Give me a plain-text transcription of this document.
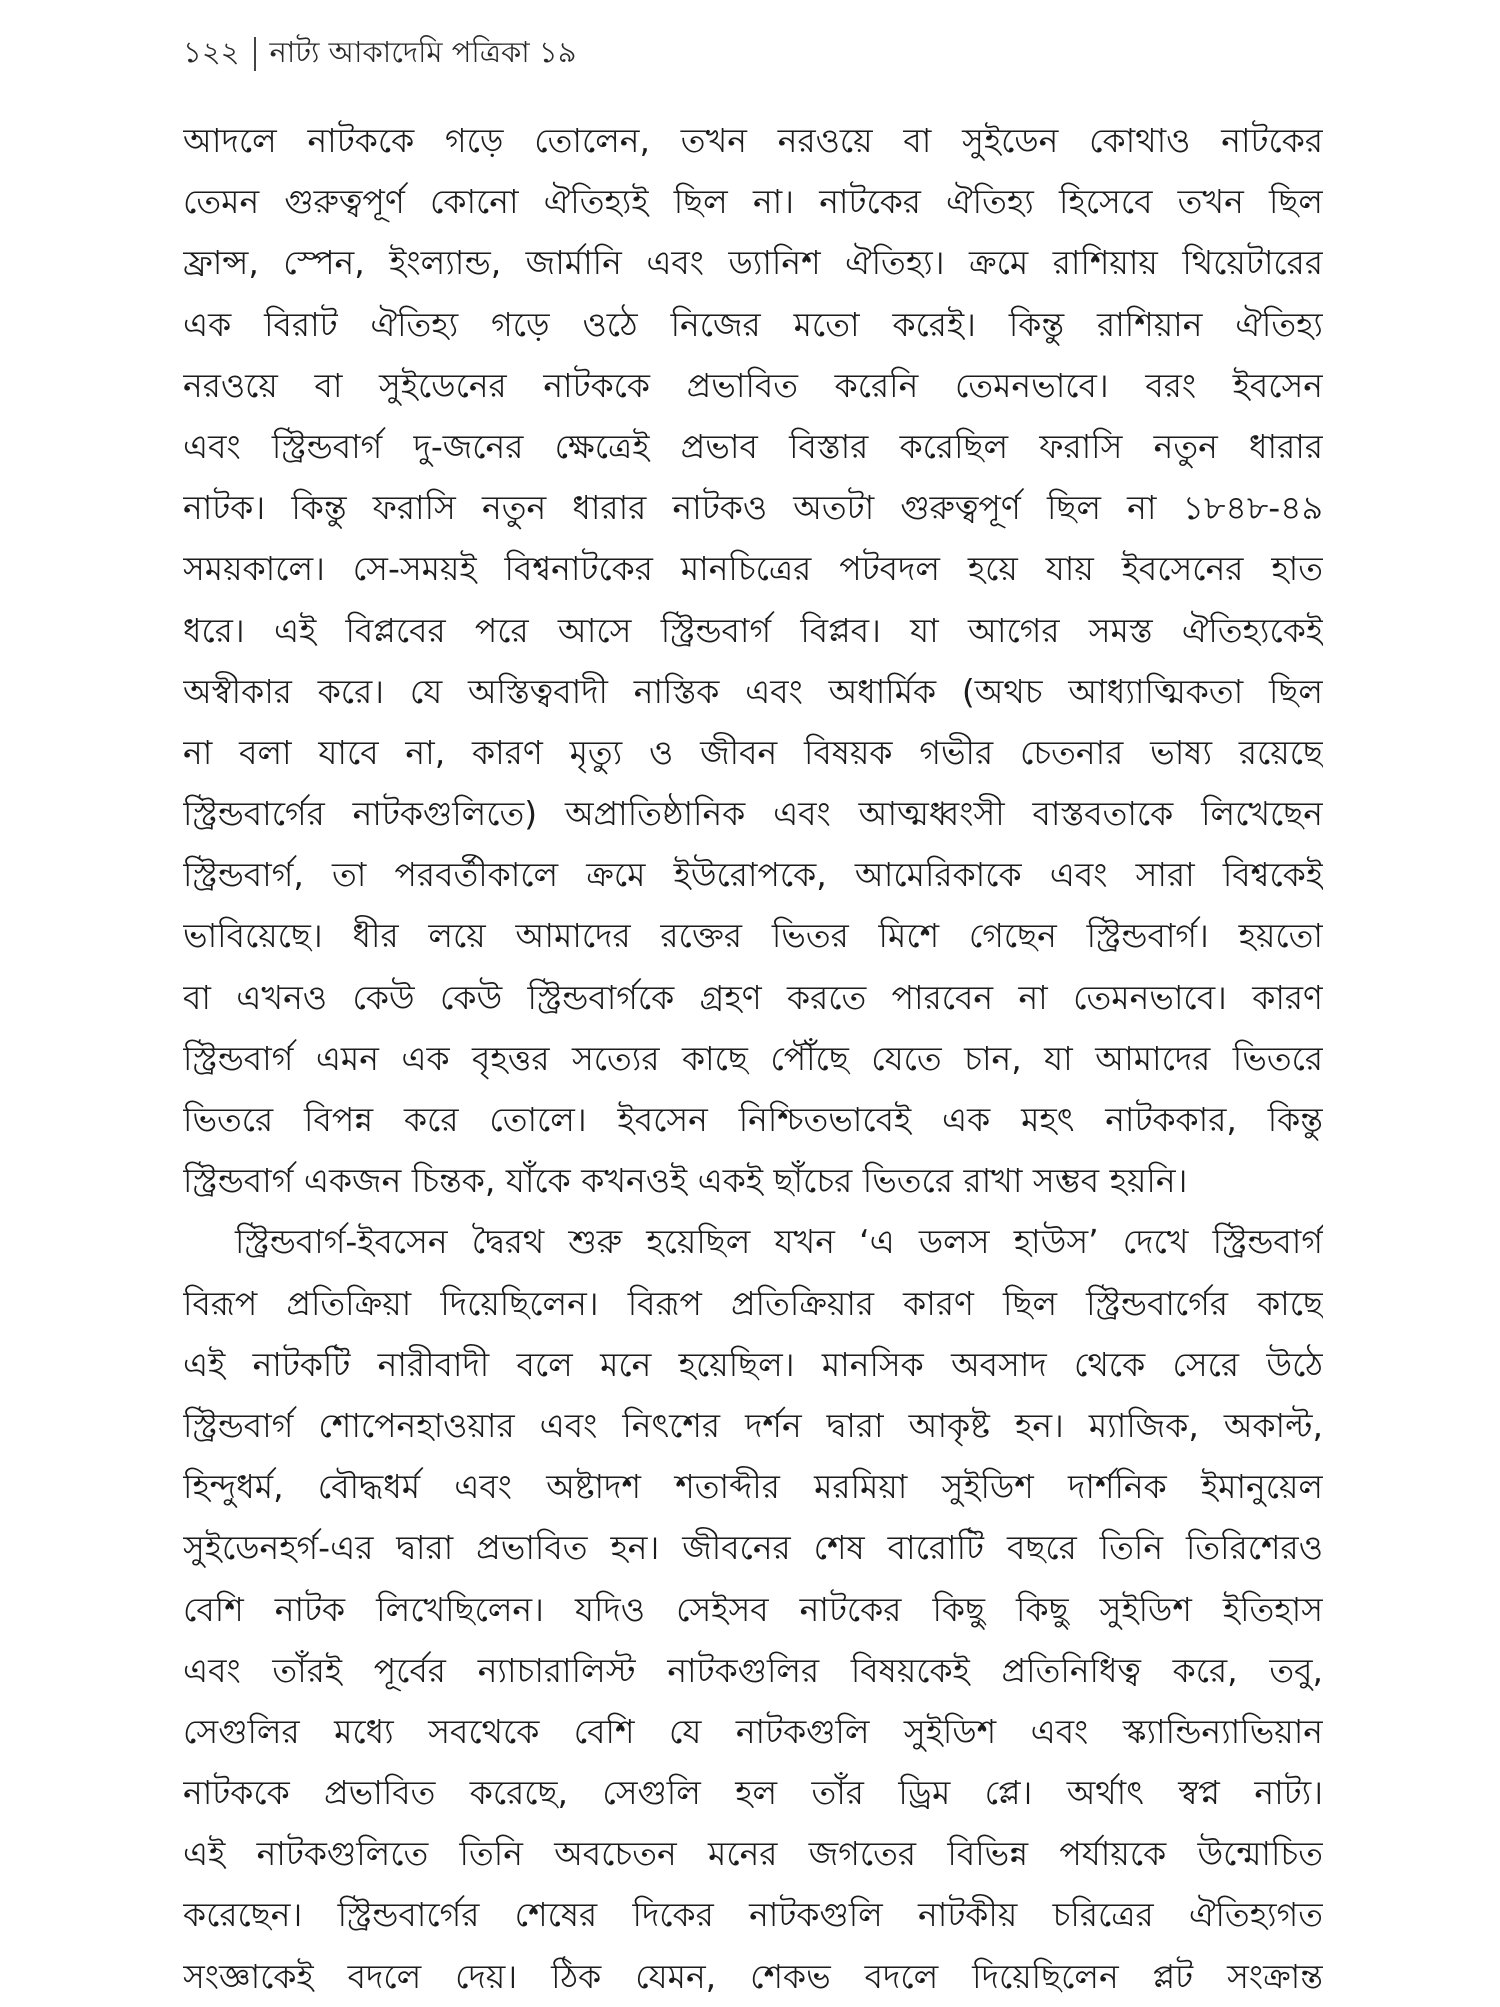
১২২ নাট্য আকাদেমি পত্রিকা ১৯
আদলে নাটককে গড়ে তোলেন, তখন নরওয়ে বা সুইডেন কোথাও নাটকের
তেমন গুরুত্বপূর্ণ কোনো ঐতিহ্যই ছিল না। নাটকের ঐতিহ্য হিসেবে তখন ছিল
ফ্রান্স, স্পেন, ইংল্যান্ড, জার্মানি এবং ড্যানিশ ঐতিহ্য। ক্রমে রাশিয়ায় থিয়েটারের
এক বিরাট ঐতিহ্য গড়ে ওঠে নিজের মতো করেই। কিন্তু রাশিয়ান ঐতিহ্য
নরওয়ে বা সুইডেনের নাটককে প্রভাবিত করেনি তেমনভাবে। বরং ইবসেন
এবং স্ট্রিন্ডবার্গ দু-জনের ক্ষেত্রেই প্রভাব বিস্তার করেছিল ফরাসি নতুন ধারার
নাটক। কিন্তু ফরাসি নতুন ধারার নাটকও অতটা গুরুত্বপূর্ণ ছিল না ১৮৪৮-৪৯
সময়কালে। সে-সময়ই বিশ্বনাটকের মানচিত্রের পটবদল হয়ে যায় ইবসেনের হাত
ধরে। এই বিপ্লবের পরে আসে স্ট্রিন্ডবার্গ বিপ্লব। যা আগের সমস্ত ঐতিহ্যকেই
অস্বীকার করে। যে অস্তিত্ববাদী নাস্তিক এবং অধার্মিক (অথচ আধ্যাত্মিকতা ছিল
না বলা যাবে না, কারণ মৃত্যু ও জীবন বিষয়ক গভীর চেতনার ভাষ্য রয়েছে
স্ট্রিন্ডবার্গের নাটকগুলিতে) অপ্রাতিষ্ঠানিক এবং আত্মধ্বংসী বাস্তবতাকে লিখেছেন
স্ট্রিন্ডবার্গ, তা পরবর্তীকালে ক্রমে ইউরোপকে, আমেরিকাকে এবং সারা বিশ্বকেই
ভাবিয়েছে। ধীর লয়ে আমাদের রক্তের ভিতর মিশে গেছেন স্ট্রিন্ডবার্গ। হয়তো
বা এখনও কেউ কেউ স্ট্রিন্ডবার্গকে গ্রহণ করতে পারবেন না তেমনভাবে। কারণ
স্ট্রিন্ডবার্গ এমন এক বৃহত্তর সত্যের কাছে পৌঁছে যেতে চান, যা আমাদের ভিতরে
ভিতরে বিপন্ন করে তোলে। ইবসেন নিশ্চিতভাবেই এক মহৎ নাটককার, কিন্তু
স্ট্রিন্ডবার্গ একজন চিন্তক, যাঁকে কখনওই একই ছাঁচের ভিতরে রাখা সম্ভব হয়নি।
স্ট্রিন্ডবার্গ-ইবসেন দ্বৈরথ শুরু হয়েছিল যখন ‘এ ডলস হাউস’ দেখে স্ট্রিন্ডবার্গ
বিরূপ প্রতিক্রিয়া দিয়েছিলেন। বিরূপ প্রতিক্রিয়ার কারণ ছিল স্ট্রিন্ডবার্গের কাছে
এই নাটকটি নারীবাদী বলে মনে হয়েছিল। মানসিক অবসাদ থেকে সেরে উঠে
স্ট্রিন্ডবার্গ শোপেনহাওয়ার এবং নিৎশের দর্শন দ্বারা আকৃষ্ট হন। ম্যাজিক, অকাল্ট,
হিন্দুধর্ম, বৌদ্ধধর্ম এবং অষ্টাদশ শতাব্দীর মরমিয়া সুইডিশ দার্শনিক ইমানুয়েল
সুইডেনহর্গ-এর দ্বারা প্রভাবিত হন। জীবনের শেষ বারোটি বছরে তিনি তিরিশেরও
বেশি নাটক লিখেছিলেন। যদিও সেইসব নাটকের কিছু কিছু সুইডিশ ইতিহাস
এবং তাঁরই পূর্বের ন্যাচারালিস্ট নাটকগুলির বিষয়কেই প্রতিনিধিত্ব করে, তবু,
সেগুলির মধ্যে সবথেকে বেশি যে নাটকগুলি সুইডিশ এবং স্ক্যান্ডিন্যাভিয়ান
নাটককে প্রভাবিত করেছে, সেগুলি হল তাঁর ড্রিম প্লে। অর্থাৎ স্বপ্ন নাট্য।
এই নাটকগুলিতে তিনি অবচেতন মনের জগতের বিভিন্ন পর্যায়কে উন্মোচিত
করেছেন। স্ট্রিন্ডবার্গের শেষের দিকের নাটকগুলি নাটকীয় চরিত্রের ঐতিহ্যগত
সংজ্ঞাকেই বদলে দেয়। ঠিক যেমন, শেকভ বদলে দিয়েছিলেন প্লট সংক্রান্ত
